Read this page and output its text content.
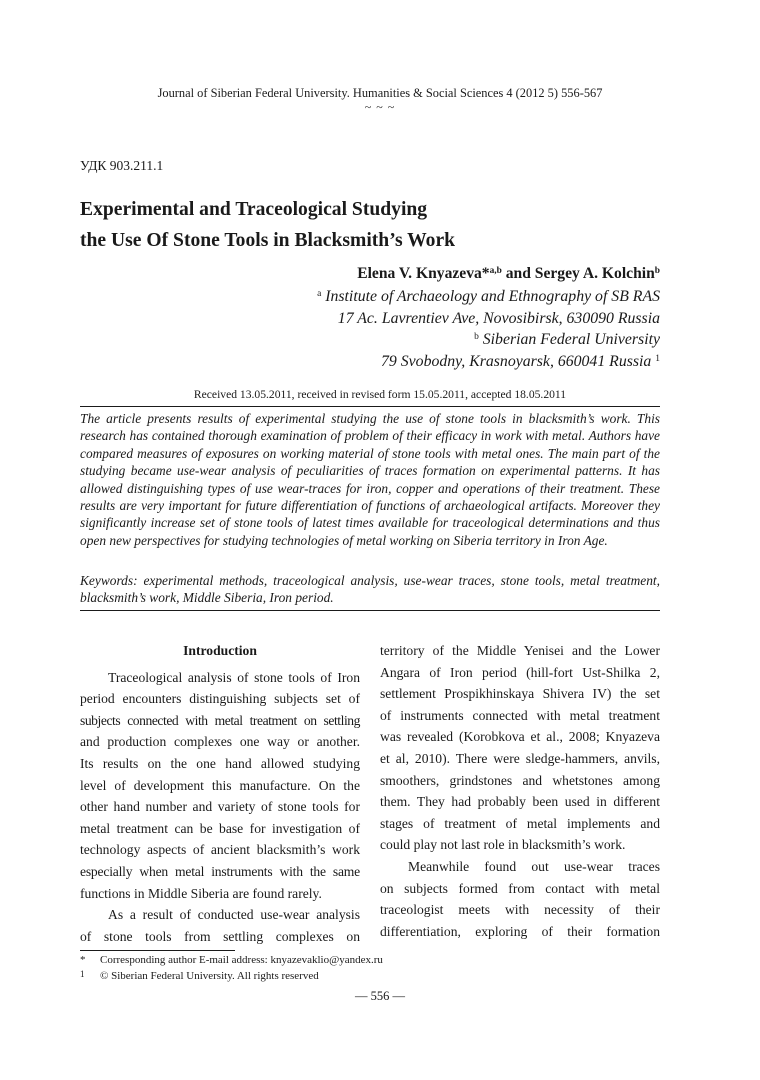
Journal of Siberian Federal University. Humanities & Social Sciences 4 (2012 5) 556-567
~ ~ ~
УДК 903.211.1
Experimental and Traceological Studying
the Use Of Stone Tools in Blacksmith’s Work
Elena V. Knyazeva*$^{a,b}$ and Sergey A. Kolchin$^b$
$^a$ Institute of Archaeology and Ethnography of SB RAS
17 Ac. Lavrentiev Ave, Novosibirsk, 630090 Russia
$^b$ Siberian Federal University
79 Svobodny, Krasnoyarsk, 660041 Russia $^1$
Received 13.05.2011, received in revised form 15.05.2011, accepted 18.05.2011
The article presents results of experimental studying the use of stone tools in blacksmith’s work. This research has contained thorough examination of problem of their efficacy in work with metal. Authors have compared measures of exposures on working material of stone tools with metal ones. The main part of the studying became use-wear analysis of peculiarities of traces formation on experimental patterns. It has allowed distinguishing types of use wear-traces for iron, copper and operations of their treatment. These results are very important for future differentiation of functions of archaeological artifacts. Moreover they significantly increase set of stone tools of latest times available for traceological determinations and thus open new perspectives for studying technologies of metal working on Siberia territory in Iron Age.
Keywords: experimental methods, traceological analysis, use-wear traces, stone tools, metal treatment, blacksmith’s work, Middle Siberia, Iron period.
Introduction
Traceological analysis of stone tools of Iron
period encounters distinguishing subjects set of
subjects connected with metal treatment on settling
and production complexes one way or another.
Its results on the one hand allowed studying
level of development this manufacture. On the
other hand number and variety of stone tools for
metal treatment can be base for investigation of
technology aspects of ancient blacksmith’s work
especially when metal instruments with the same
functions in Middle Siberia are found rarely.
As a result of conducted use-wear analysis
of stone tools from settling complexes on
territory of the Middle Yenisei and the Lower
Angara of Iron period (hill-fort Ust-Shilka 2,
settlement Prospikhinskaya Shivera IV) the set
of instruments connected with metal treatment
was revealed (Korobkova et al., 2008; Knyazeva
et al, 2010). There were sledge-hammers, anvils,
smoothers, grindstones and whetstones among
them. They had probably been used in different
stages of treatment of metal implements and
could play not last role in blacksmith’s work.
Meanwhile found out use-wear traces
on subjects formed from contact with metal
traceologist meets with necessity of their
differentiation, exploring of their formation
* Corresponding author E-mail address: knyazevaklio@yandex.ru
1 © Siberian Federal University. All rights reserved
— 556 —
